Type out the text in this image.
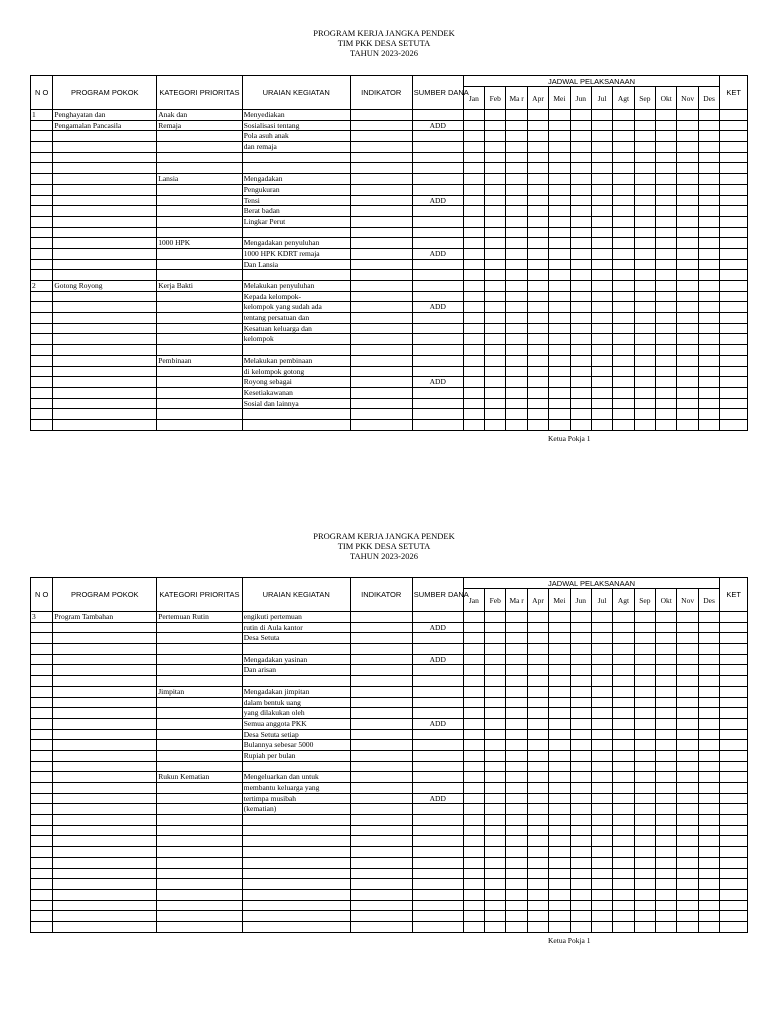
PROGRAM KERJA JANGKA PENDEK
TIM PKK DESA SETUTA
TAHUN 2023-2026
N O	PROGRAM POKOK	KATEGORI PRIORITAS	URAIAN KEGIATAN	INDIKATOR	SUMBER DANA	JADWAL PELAKSANAAN												KET
						Jan	Feb	Ma r	Apr	Mei	Jun	Jul	Agt	Sep	Okt	Nov	Des	
1	Penghayatan dan	Anak dan	Menyediakan															
	Pengamalan Pancasila	Remaja	Sosialisasi tentang		ADD													
			Pola asuh anak															
			dan remaja															

		Lansia	Mengadakan															
			Pengukuran															
			Tensi		ADD													
			Berat badan															
			Lingkar Perut															

		1000 HPK	Mengadakan penyuluhan															
			1000 HPK KDRT remaja		ADD													
			Dan Lansia															

2	Gotong Royong	Kerja Bakti	Melakukan penyuluhan															
			Kepada kelompok-															
			kelompok yang sudah ada		ADD													
			tentang persatuan dan															
			Kesatuan keluarga dan															
			kelompok															

		Pembinaan	Melakukan pembinaan															
			di kelompok gotong															
			Royong sebagai		ADD													
			Kesetiakawanan															
			Sosial dan lainnya															

Ketua Pokja 1
PROGRAM KERJA JANGKA PENDEK
TIM PKK DESA SETUTA
TAHUN 2023-2026
N O	PROGRAM POKOK	KATEGORI PRIORITAS	URAIAN KEGIATAN	INDIKATOR	SUMBER DANA	JADWAL PELAKSANAAN												KET
						Jan	Feb	Ma r	Apr	Mei	Jun	Jul	Agt	Sep	Okt	Nov	Des	
3	Program Tambahan	Pertemuan Rutin	engikuti pertemuan															
			rutin di Aula kantor		ADD													
			Desa Setuta															

			Mengadakan yasinan		ADD													
			Dan arisan															

		Jimpitan	Mengadakan jimpitan															
			dalam bentuk uang															
			yang dilakukan oleh															
			Semua anggota PKK		ADD													
			Desa Setuta setiap															
			Bulannya sebesar 5000															
			Rupiah per bulan															

		Rukun Kematian	Mengeluarkan dan untuk															
			membantu keluarga yang															
			tertimpa musibah		ADD													
			(kematian)															

Ketua Pokja 1
